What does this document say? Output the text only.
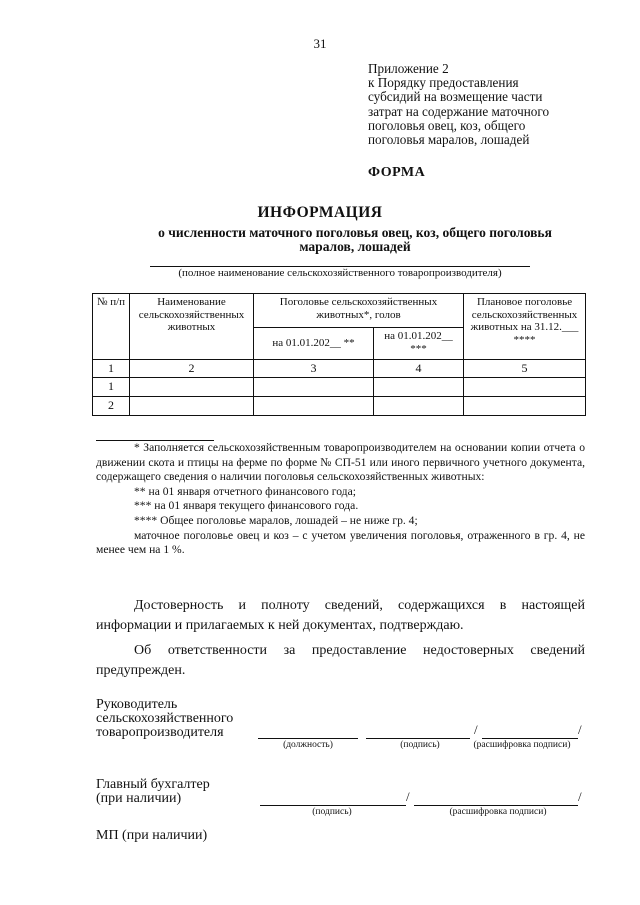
31
Приложение 2
к Порядку предоставления
субсидий на возмещение части
затрат на содержание маточного
поголовья овец, коз, общего
поголовья маралов, лошадей
ФОРМА
ИНФОРМАЦИЯ
о численности маточного поголовья овец, коз, общего поголовья
маралов, лошадей
(полное наименование сельскохозяйственного товаропроизводителя)
№ п/п	Наименование сельскохозяйственных животных	Поголовье сельскохозяйственных животных*, голов		Плановое поголовье сельскохозяйственных животных на 31.12.___ ****
		на 01.01.202__ **	на 01.01.202__ ***	
1	2	3	4	5
1				
2				

* Заполняется сельскохозяйственным товаропроизводителем на основании копии отчета о движении скота и птицы на ферме по форме № СП-51 или иного первичного учетного документа, содержащего сведения о наличии поголовья сельскохозяйственных животных:

** на 01 января отчетного финансового года;

*** на 01 января текущего финансового года.

**** Общее поголовье маралов, лошадей – не ниже гр. 4;

маточное поголовье овец и коз – с учетом увеличения поголовья, отраженного в гр. 4, не менее чем на 1 %.

Достоверность и полноту сведений, содержащихся в настоящей информации и прилагаемых к ней документах, подтверждаю.

Об ответственности за предоставление недостоверных сведений предупрежден.

Руководитель
сельскохозяйственного
товаропроизводителя	/	/
(должность)	(подпись)	(расшифровка подписи)
Главный бухгалтер
(при наличии)	/	/
(подпись)	(расшифровка подписи)
МП (при наличии)
